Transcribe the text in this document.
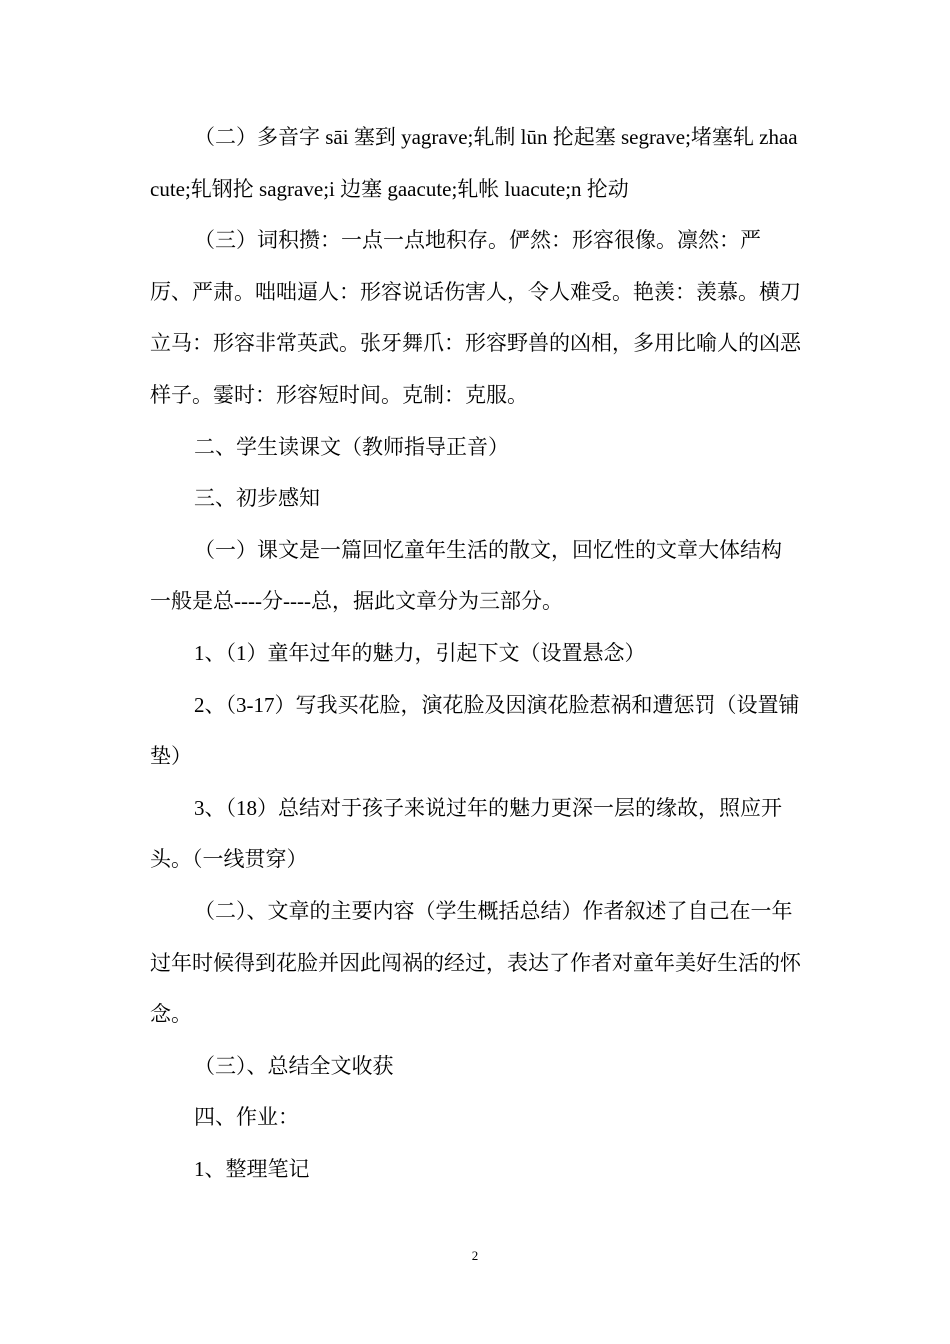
（二）多音字 sāi 塞到 yagrave;轧制 lūn 抡起塞 segrave;堵塞轧 zhaacute;轧钢抡 sagrave;i 边塞 gaacute;轧帐 luacute;n 抡动

（三）词积攒：一点一点地积存。俨然：形容很像。凛然：严厉、严肃。咄咄逼人：形容说话伤害人，令人难受。艳羡：羡慕。横刀立马：形容非常英武。张牙舞爪：形容野兽的凶相，多用比喻人的凶恶样子。霎时：形容短时间。克制：克服。

二、学生读课文（教师指导正音）

三、初步感知

（一）课文是一篇回忆童年生活的散文，回忆性的文章大体结构一般是总----分----总，据此文章分为三部分。

1、（1）童年过年的魅力，引起下文（设置悬念）

2、（3-17）写我买花脸，演花脸及因演花脸惹祸和遭惩罚（设置铺垫）

3、（18）总结对于孩子来说过年的魅力更深一层的缘故，照应开头。（一线贯穿）

（二）、文章的主要内容（学生概括总结）作者叙述了自己在一年过年时候得到花脸并因此闯祸的经过，表达了作者对童年美好生活的怀念。

（三）、总结全文收获

四、作业：

1、整理笔记

2
